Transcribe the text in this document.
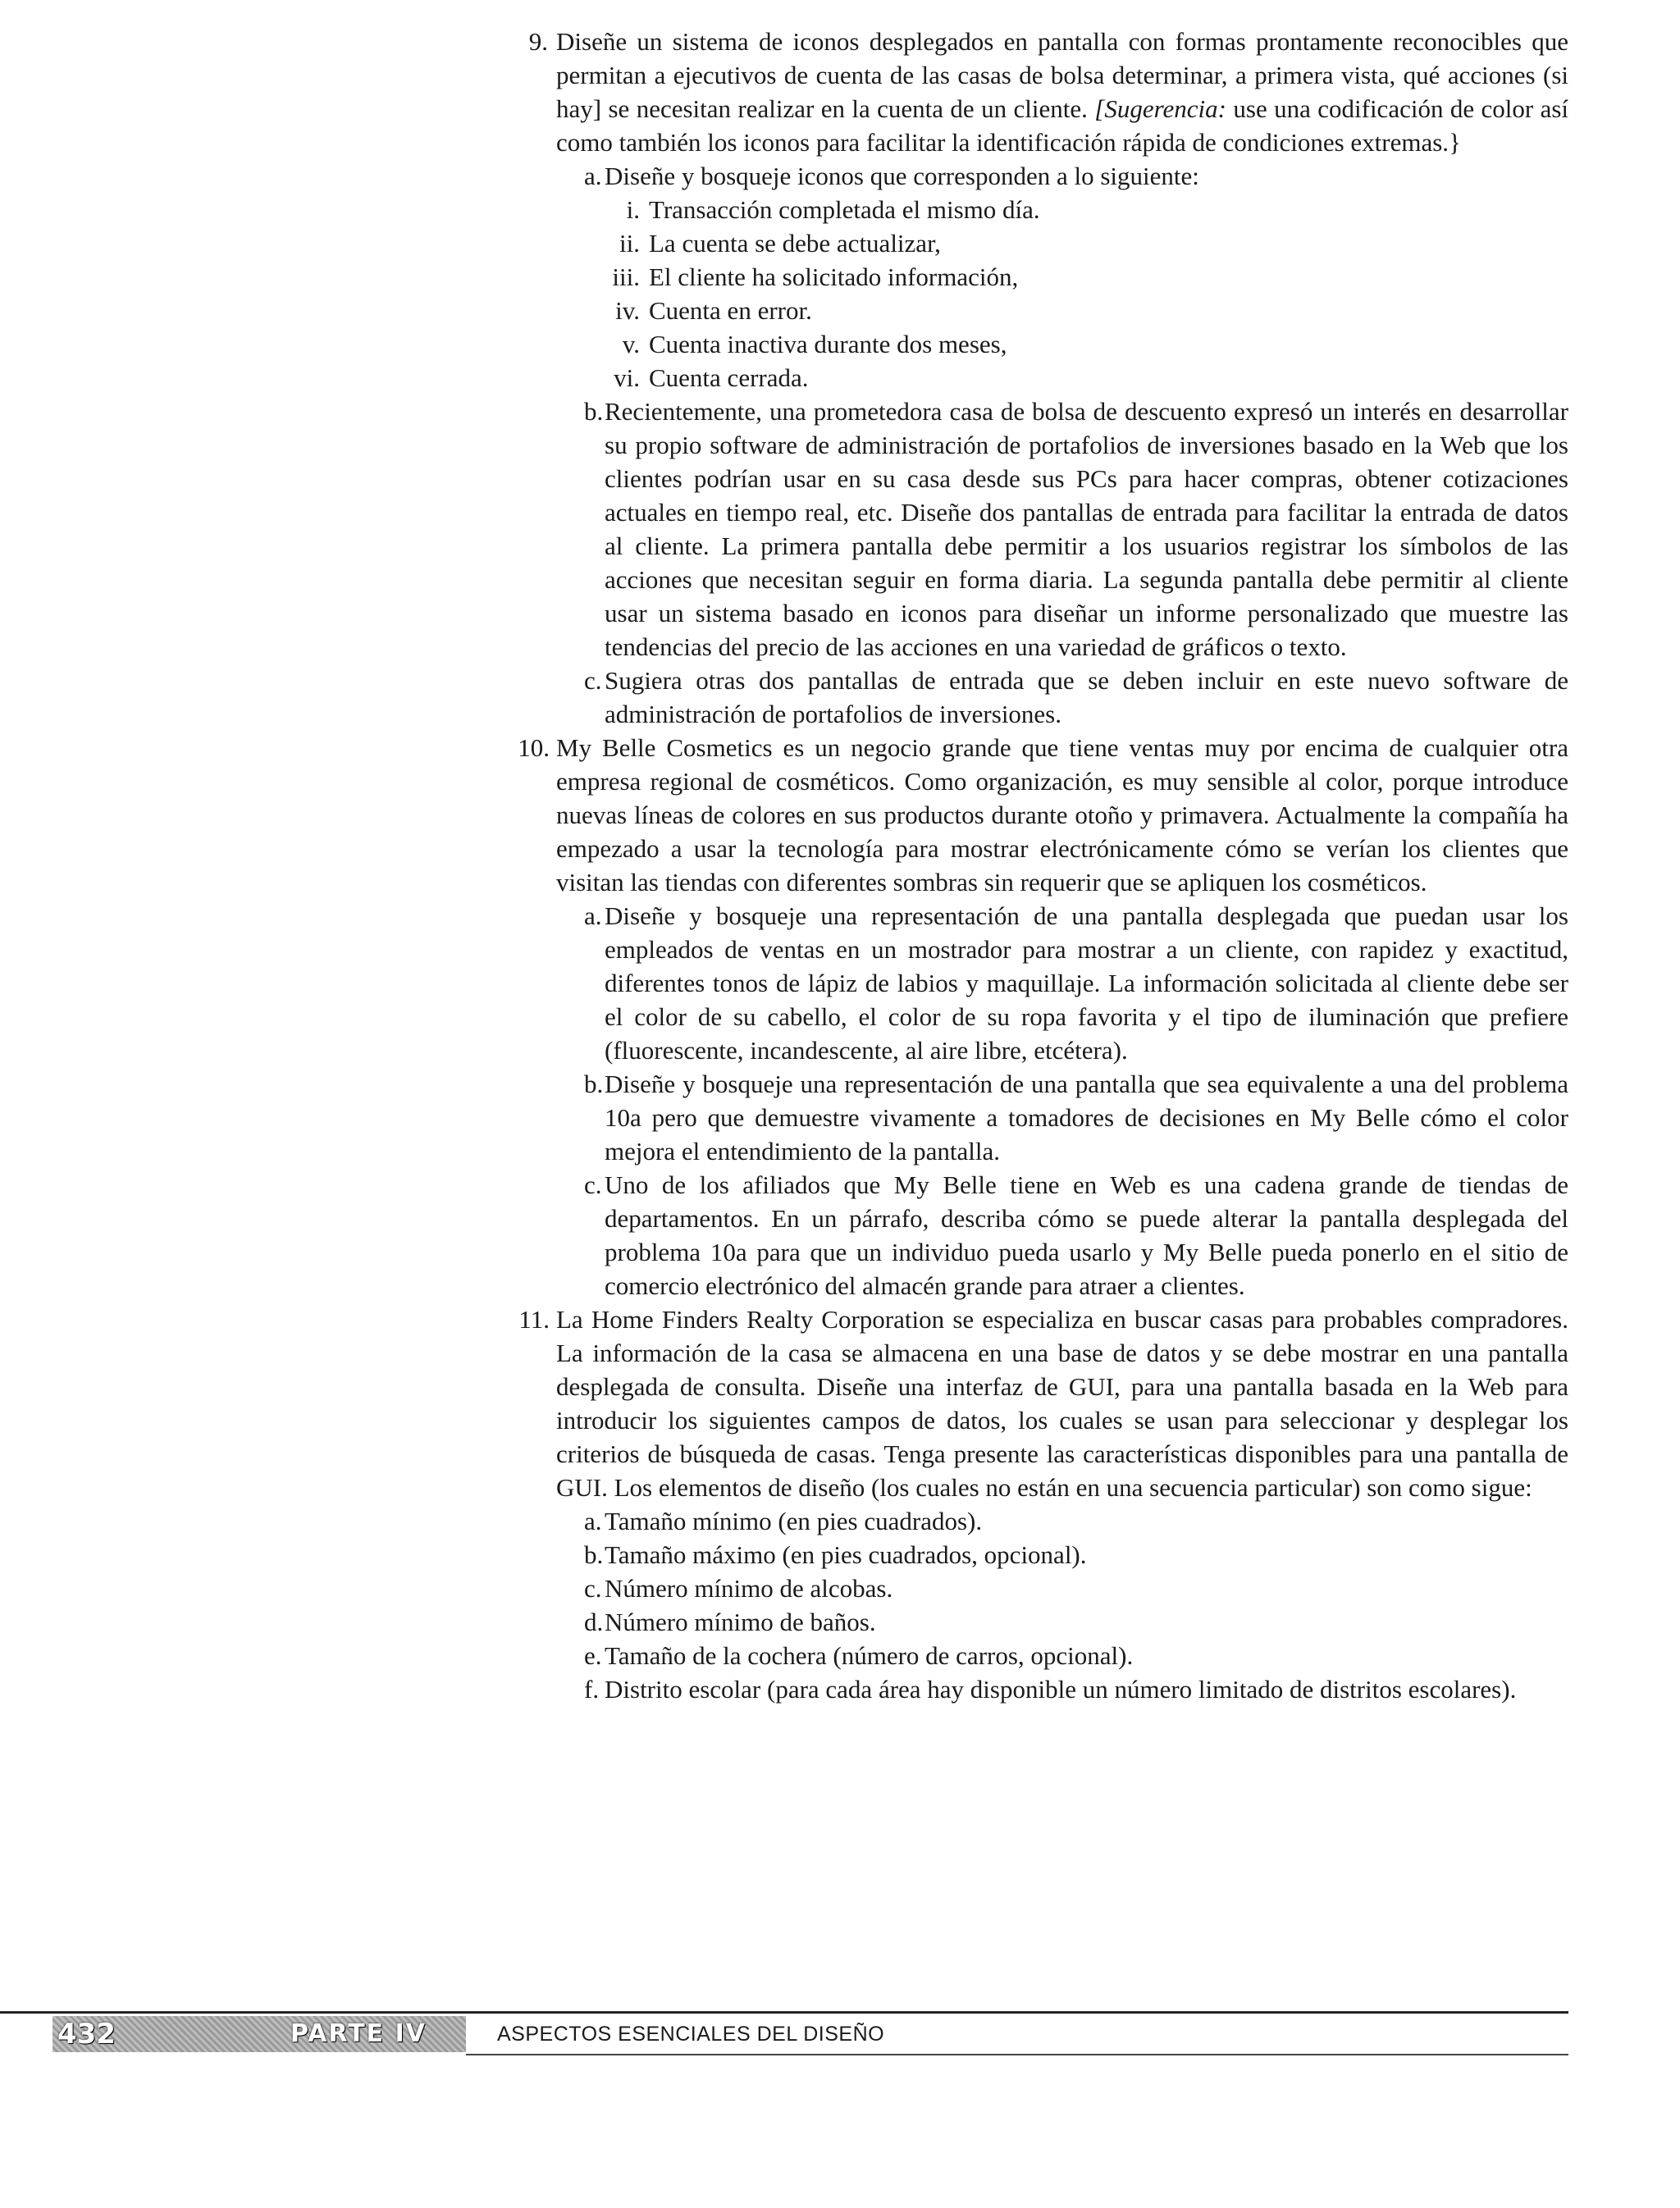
9. Diseñe un sistema de iconos desplegados en pantalla con formas prontamente reconocibles que permitan a ejecutivos de cuenta de las casas de bolsa determinar, a primera vista, qué acciones (si hay] se necesitan realizar en la cuenta de un cliente. [Sugerencia: use una codificación de color así como también los iconos para facilitar la identificación rápida de condiciones extremas.}

a. Diseñe y bosqueje iconos que corresponden a lo siguiente:

i. Transacción completada el mismo día.

ii. La cuenta se debe actualizar,

iii. El cliente ha solicitado información,

iv. Cuenta en error.

v. Cuenta inactiva durante dos meses,

vi. Cuenta cerrada.

b. Recientemente, una prometedora casa de bolsa de descuento expresó un interés en desarrollar su propio software de administración de portafolios de inversiones basado en la Web que los clientes podrían usar en su casa desde sus PCs para hacer compras, obtener cotizaciones actuales en tiempo real, etc. Diseñe dos pantallas de entrada para facilitar la entrada de datos al cliente. La primera pantalla debe permitir a los usuarios registrar los símbolos de las acciones que necesitan seguir en forma diaria. La segunda pantalla debe permitir al cliente usar un sistema basado en iconos para diseñar un informe personalizado que muestre las tendencias del precio de las acciones en una variedad de gráficos o texto.

c. Sugiera otras dos pantallas de entrada que se deben incluir en este nuevo software de administración de portafolios de inversiones.

10. My Belle Cosmetics es un negocio grande que tiene ventas muy por encima de cualquier otra empresa regional de cosméticos. Como organización, es muy sensible al color, porque introduce nuevas líneas de colores en sus productos durante otoño y primavera. Actualmente la compañía ha empezado a usar la tecnología para mostrar electrónicamente cómo se verían los clientes que visitan las tiendas con diferentes sombras sin requerir que se apliquen los cosméticos.

a. Diseñe y bosqueje una representación de una pantalla desplegada que puedan usar los empleados de ventas en un mostrador para mostrar a un cliente, con rapidez y exactitud, diferentes tonos de lápiz de labios y maquillaje. La información solicitada al cliente debe ser el color de su cabello, el color de su ropa favorita y el tipo de iluminación que prefiere (fluorescente, incandescente, al aire libre, etcétera).

b. Diseñe y bosqueje una representación de una pantalla que sea equivalente a una del problema 10a pero que demuestre vivamente a tomadores de decisiones en My Belle cómo el color mejora el entendimiento de la pantalla.

c. Uno de los afiliados que My Belle tiene en Web es una cadena grande de tiendas de departamentos. En un párrafo, describa cómo se puede alterar la pantalla desplegada del problema 10a para que un individuo pueda usarlo y My Belle pueda ponerlo en el sitio de comercio electrónico del almacén grande para atraer a clientes.

11. La Home Finders Realty Corporation se especializa en buscar casas para probables compradores. La información de la casa se almacena en una base de datos y se debe mostrar en una pantalla desplegada de consulta. Diseñe una interfaz de GUI, para una pantalla basada en la Web para introducir los siguientes campos de datos, los cuales se usan para seleccionar y desplegar los criterios de búsqueda de casas. Tenga presente las características disponibles para una pantalla de GUI. Los elementos de diseño (los cuales no están en una secuencia particular) son como sigue:

a. Tamaño mínimo (en pies cuadrados).

b. Tamaño máximo (en pies cuadrados, opcional).

c. Número mínimo de alcobas.

d. Número mínimo de baños.

e. Tamaño de la cochera (número de carros, opcional).

f. Distrito escolar (para cada área hay disponible un número limitado de distritos escolares).

432	PARTE IV	ASPECTOS ESENCIALES DEL DISEÑO
